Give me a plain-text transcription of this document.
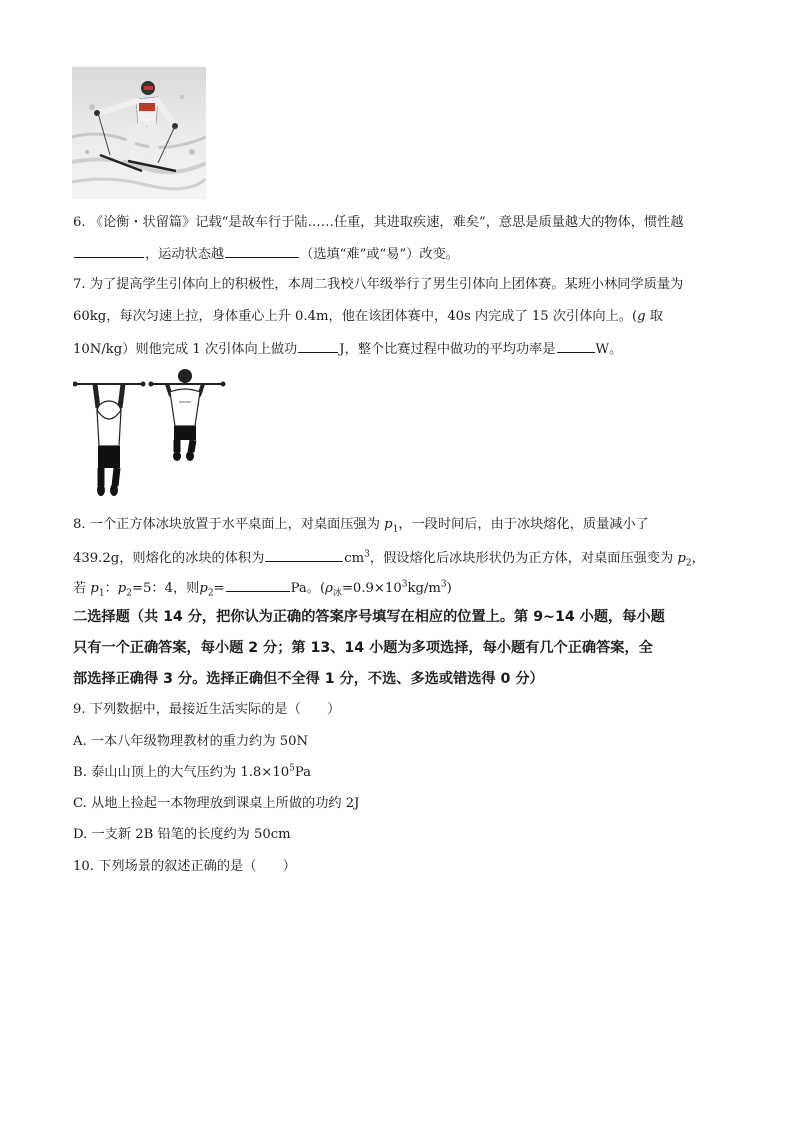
6. 《论衡・状留篇》记载“是故车行于陆……任重，其进取疾速，难矣”，意思是质量越大的物体，惯性越
，运动状态越	（选填“难”或“易”）改变。
7. 为了提高学生引体向上的积极性，本周二我校八年级举行了男生引体向上团体赛。某班小林同学质量为
60kg，每次匀速上拉，身体重心上升 0.4m，他在该团体赛中，40s 内完成了 15 次引体向上。(g 取
10N/kg）则他完成 1 次引体向上做功	J，整个比赛过程中做功的平均功率是	W。
8. 一个正方体冰块放置于水平桌面上，对桌面压强为 $p_1$，一段时间后，由于冰块熔化，质量减小了
439.2g，则熔化的冰块的体积为	$cm^3$，假设熔化后冰块形状仍为正方体，对桌面压强变为 $p_2$，
若 $p_1$：$p_2=5$：4，则$p_2=$	Pa。$(\rho_冰=0.9\times 10^3kg/m^3)$
二选择题（共 14 分，把你认为正确的答案序号填写在相应的位置上。第 9~14 小题，每小题
只有一个正确答案，每小题 2 分；第 13、14 小题为多项选择，每小题有几个正确答案，全
部选择正确得 3 分。选择正确但不全得 1 分，不选、多选或错选得 0 分）
9. 下列数据中，最接近生活实际的是（　　）
A. 一本八年级物理教材的重力约为 50N
B. 泰山山顶上的大气压约为 $1.8\times 10^5Pa$
C. 从地上捡起一本物理放到课桌上所做的功约 2J
D. 一支新 2B 铅笔的长度约为 50cm
10. 下列场景的叙述正确的是（　　）
